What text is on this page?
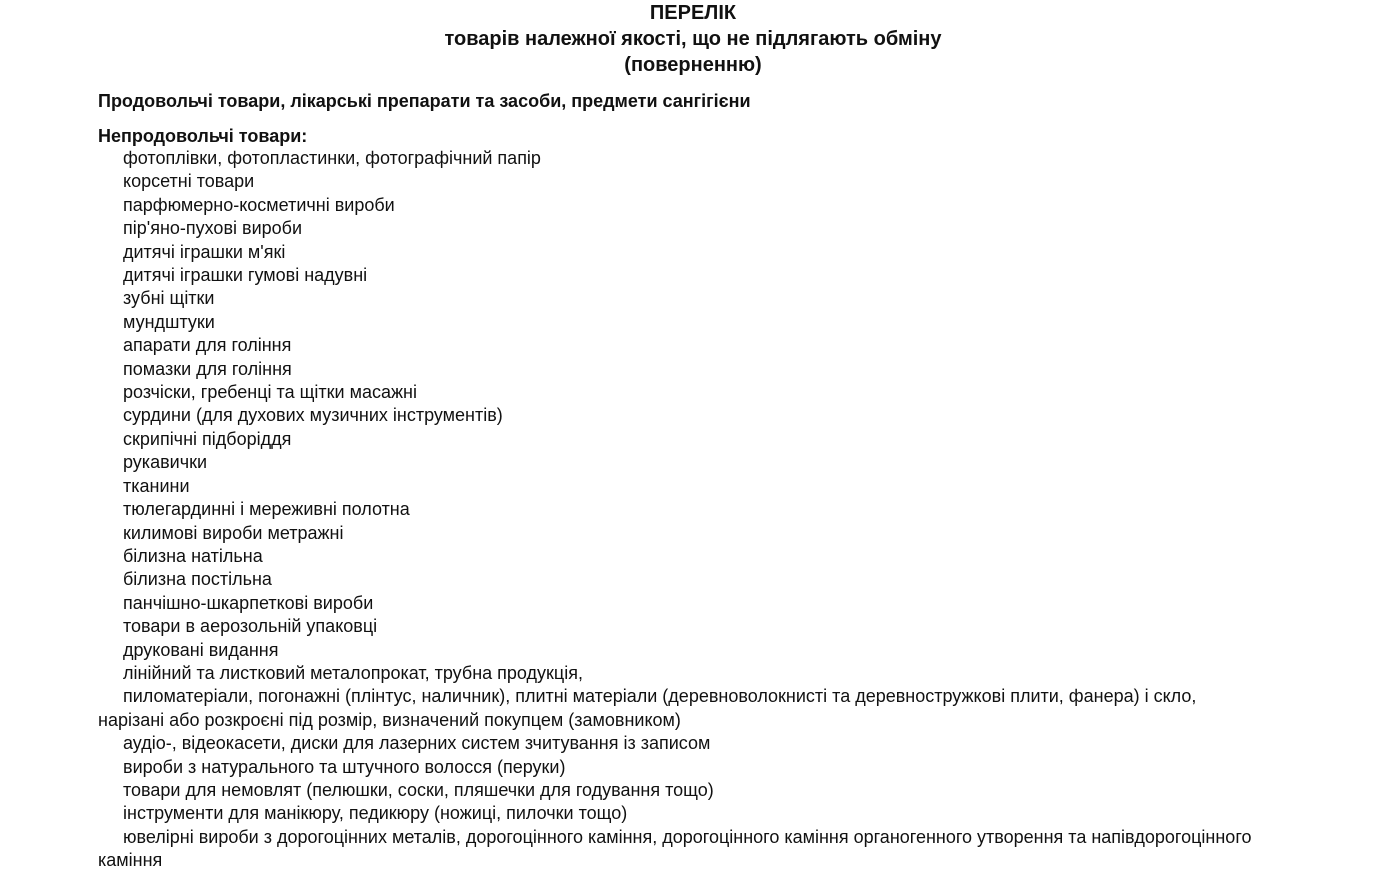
ПЕРЕЛІК
товарів належної якості, що не підлягають обміну
(поверненню)
Продовольчі товари, лікарські препарати та засоби, предмети сангігієни
Непродовольчі товари:
фотоплівки, фотопластинки, фотографічний папір
корсетні товари
парфюмерно-косметичні вироби
пір'яно-пухові вироби
дитячі іграшки м'які
дитячі іграшки гумові надувні
зубні щітки
мундштуки
апарати для гоління
помазки для гоління
розчіски, гребенці та щітки масажні
сурдини (для духових музичних інструментів)
скрипічні підборіддя
рукавички
тканини
тюлегардинні і мереживні полотна
килимові вироби метражні
білизна натільна
білизна постільна
панчішно-шкарпеткові вироби
товари в аерозольній упаковці
друковані видання
лінійний та листковий металопрокат, трубна продукція,
пиломатеріали, погонажні (плінтус, наличник), плитні матеріали (деревноволокнисті та деревностружкові плити, фанера) і скло, нарізані або розкроєні під розмір, визначений покупцем (замовником)
аудіо-, відеокасети, диски для лазерних систем зчитування із записом
вироби з натурального та штучного волосся (перуки)
товари для немовлят (пелюшки, соски, пляшечки для годування тощо)
інструменти для манікюру, педикюру (ножиці, пилочки тощо)
ювелірні вироби з дорогоцінних металів, дорогоцінного каміння, дорогоцінного каміння органогенного утворення та напівдорогоцінного каміння
